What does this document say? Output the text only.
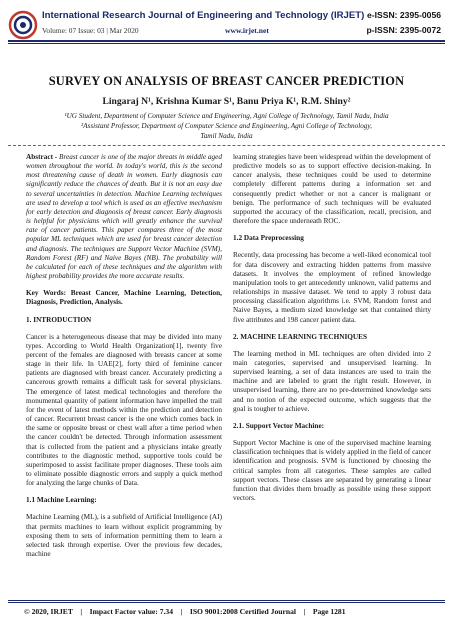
International Research Journal of Engineering and Technology (IRJET) e-ISSN: 2395-0056
Volume: 07 Issue: 03 | Mar 2020	www.irjet.net	p-ISSN: 2395-0072
SURVEY ON ANALYSIS OF BREAST CANCER PREDICTION
Lingaraj N¹, Krishna Kumar S¹, Banu Priya K¹, R.M. Shiny²
¹UG Student, Department of Computer Science and Engineering, Agni College of Technology, Tamil Nadu, India
²Assistant Professor, Department of Computer Science and Engineering, Agni College of Technology,
Tamil Nadu, India

Abstract - Breast cancer is one of the major threats in middle aged women throughout the world. In today's world, this is the second most threatening cause of death in women. Early diagnosis can significantly reduce the chances of death. But it is not an easy due to several uncertainties in detection. Machine Learning techniques are used to develop a tool which is used as an effective mechanism for early detection and diagnosis of breast cancer. Early diagnosis is helpful for physicians which will greatly enhance the survival rate of cancer patients. This paper compares three of the most popular ML techniques which are used for breast cancer detection and diagnosis. The techniques are Support Vector Machine (SVM), Random Forest (RF) and Naive Bayes (NB). The probability will be calculated for each of these techniques and the algorithm with highest probability provides the more accurate results.

Key Words: Breast Cancer, Machine Learning, Detection, Diagnosis, Prediction, Analysis.

1. INTRODUCTION

Cancer is a heterogeneous disease that may be divided into many types. According to World Health Organization[1], twenty five percent of the females are diagnosed with breasts cancer at some stage in their life. In UAE[2], forty third of feminine cancer patients are diagnosed with breast cancer. Accurately predicting a cancerous growth remains a difficult task for several physicians. The emergence of latest medical technologies and therefore the monumental quantity of patient information have impelled the trail for the event of latest methods within the prediction and detection of cancer. Recurrent breast cancer is the one which comes back in the same or opposite breast or chest wall after a time period when the cancer couldn't be detected. Through information assessment that is collected from the patient and a physicians intake greatly contributes to the diagnostic method, supportive tools could be superimposed to assist facilitate proper diagnoses. These tools aim to eliminate possible diagnostic errors and supply a quick method for analyzing the large chunks of Data.

1.1 Machine Learning:

Machine Learning (ML), is a subfield of Artificial Intelligence (AI) that permits machines to learn without explicit programming by exposing them to sets of information permitting them to learn a selected task through expertise. Over the previous few decades, machine

learning strategies have been widespread within the development of predictive models so as to support effective decision-making. In cancer analysis, these techniques could be used to determine completely different patterns during a information set and consequently predict whether or not a cancer is malignant or benign. The performance of such techniques will be evaluated supported the accuracy of the classification, recall, precision, and therefore the space underneath ROC.

1.2 Data Preprocessing

Recently, data processing has become a well-liked economical tool for data discovery and extracting hidden patterns from massive datasets. It involves the employment of refined knowledge manipulation tools to get antecedently unknown, valid patterns and relationships in massive dataset. We tend to apply 3 robust data processing classification algorithms i.e. SVM, Random forest and Naive Bayes, a medium sized knowledge set that contained thirty five attributes and 198 cancer patient data.

2. MACHINE LEARNING TECHNIQUES

The learning method in ML techniques are often divided into 2 main categories, supervised and unsupervised learning. In supervised learning, a set of data instances are used to train the machine and are labeled to grant the right result. However, in unsupervised learning, there are no pre-determined knowledge sets and no notion of the expected outcome, which suggests that the goal is tougher to achieve.

2.1. Support Vector Machine:

Support Vector Machine is one of the supervised machine learning classification techniques that is widely applied in the field of cancer identification and prognosis. SVM is functioned by choosing the critical samples from all categories. These samples are called support vectors. These classes are separated by generating a linear function that divides them broadly as possible using these support vectors.

© 2020, IRJET    |    Impact Factor value: 7.34    |    ISO 9001:2008 Certified Journal    |    Page 1281
